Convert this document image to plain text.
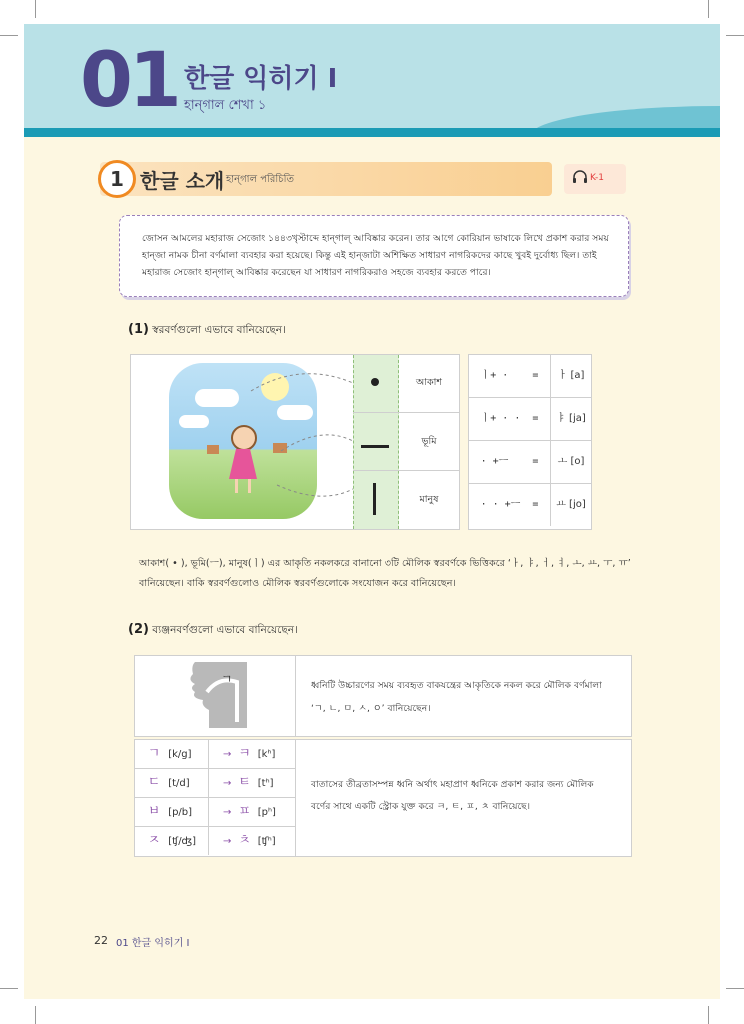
01 한글 익히기 I
হান্গাল শেখা ১
1 한글 소개 হান্গাল পরিচিতি	K-1

জোসন আমলের মহারাজ সেজোং ১৪৪৩খৃস্টাব্দে হান্গাল্ আবিষ্কার করেন। তার আগে কোরিয়ান ভাষাকে লিখে প্রকাশ করার সময় হান্জা নামক চীনা বর্ণমালা ব্যবহার করা হয়েছে। কিন্তু এই হান্জাটা অশিক্ষিত সাধারণ নাগরিকদের কাছে খুবই দুর্বোধ্য ছিল। তাই মহারাজ সেজোং হান্গাল্ আবিষ্কার করেছেন যা সাধারণ নাগরিকরাও সহজে ব্যবহার করতে পারে।

(1) স্বরবর্ণগুলো এভাবে বানিয়েছেন।
আকাশ
ভূমি
মানুষ
ㅣ+ ·    =	ㅏ [a]
ㅣ+ · ·  =	ㅑ [ja]
· +ㅡ    =	ㅗ [o]
· · +ㅡ  =	ㅛ [jo]
আকাশ( • ), ভূমি(ㅡ), মানুষ(ㅣ) এর আকৃতি নকলকরে বানানো ৩টি মৌলিক স্বরবর্ণকে ভিত্তিকরে ‘ㅏ, ㅑ, ㅓ, ㅕ, ㅗ, ㅛ, ㅜ, ㅠ’ বানিয়েছেন। বাকি স্বরবর্ণগুলোও মৌলিক স্বরবর্ণগুলোকে সংযোজন করে বানিয়েছেন।
(2) ব্যঞ্জনবর্ণগুলো এভাবে বানিয়েছেন।
ㄱ	ধ্বনিটি উচ্চারণের সময় ব্যবহৃত বাকযন্ত্রের আকৃতিকে নকল করে মৌলিক বর্ণমালা ‘ㄱ, ㄴ, ㅁ, ㅅ, ㅇ’ বানিয়েছেন।

ㄱ [k/g]	→ ㅋ [kʰ]
ㄷ [t/d]	→ ㅌ [tʰ]
ㅂ [p/b]	→ ㅍ [pʰ]
ㅈ [ʧ/ʤ]	→ ㅊ [ʧʰ]

বাতাসের তীব্রতাসম্পন্ন ধ্বনি অর্থাৎ মহাপ্রাণ ধ্বনিকে প্রকাশ করার জন্য মৌলিক বর্ণের সাথে একটি স্ট্রোক যুক্ত করে ㅋ, ㅌ, ㅍ, ㅊ বানিয়েছে।

22 01 한글 익히기 I
